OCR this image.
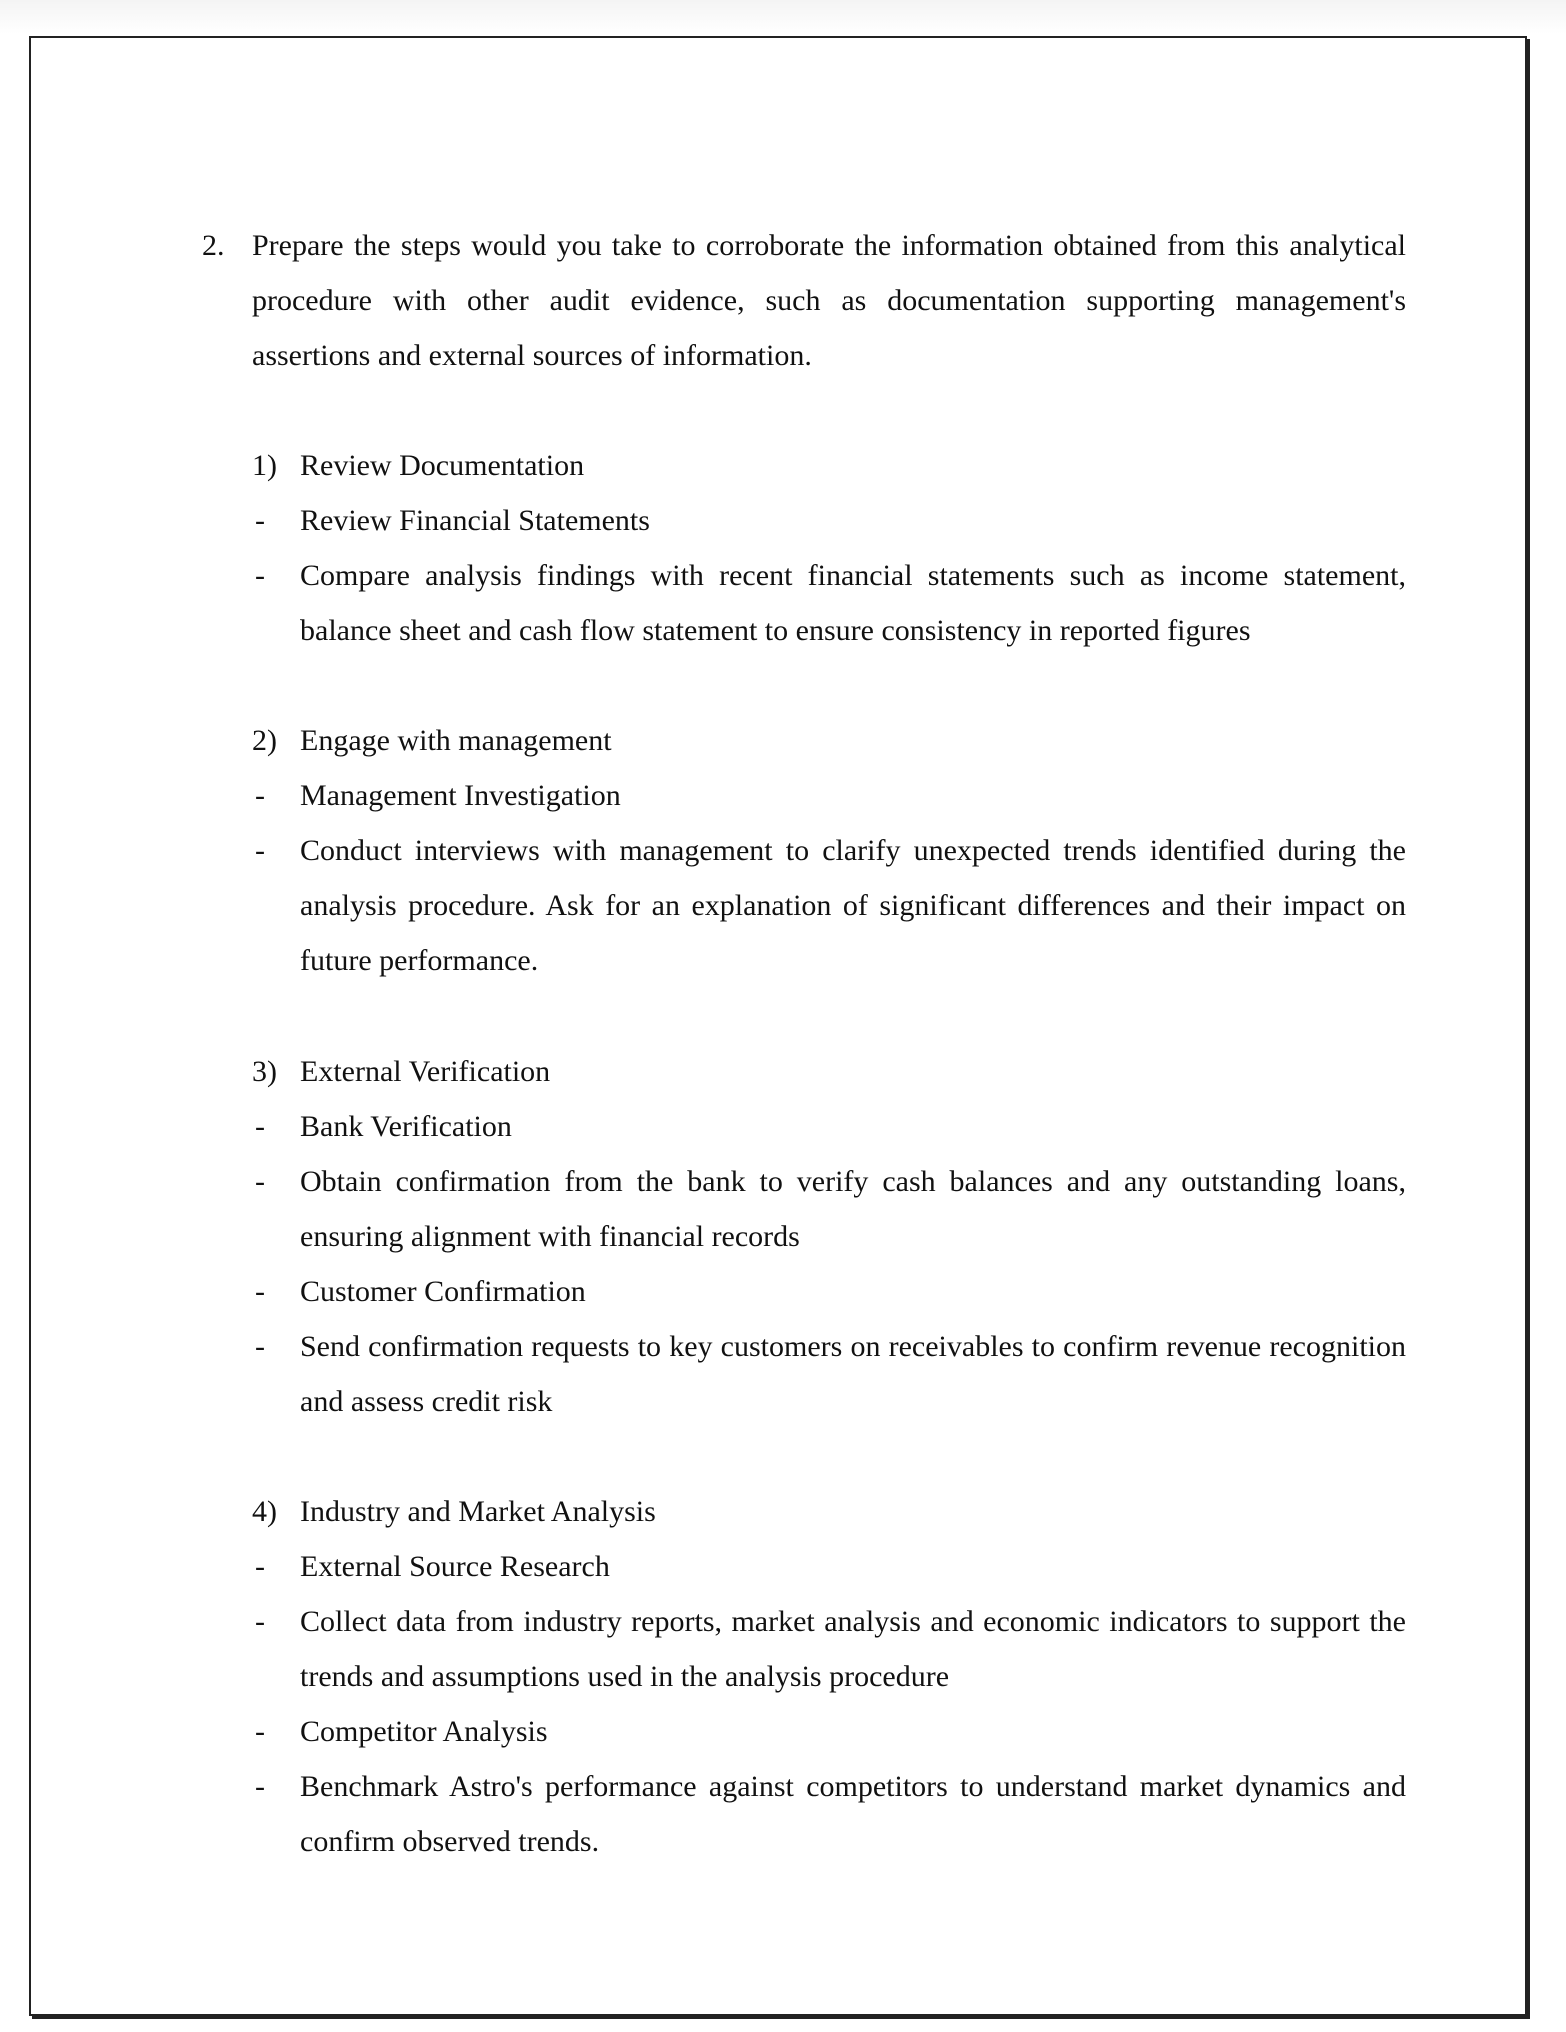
2. Prepare the steps would you take to corroborate the information obtained from this analytical procedure with other audit evidence, such as documentation supporting management's assertions and external sources of information.
1) Review Documentation
- Review Financial Statements
- Compare analysis findings with recent financial statements such as income statement, balance sheet and cash flow statement to ensure consistency in reported figures
2) Engage with management
- Management Investigation
- Conduct interviews with management to clarify unexpected trends identified during the analysis procedure. Ask for an explanation of significant differences and their impact on future performance.
3) External Verification
- Bank Verification
- Obtain confirmation from the bank to verify cash balances and any outstanding loans, ensuring alignment with financial records
- Customer Confirmation
- Send confirmation requests to key customers on receivables to confirm revenue recognition and assess credit risk
4) Industry and Market Analysis
- External Source Research
- Collect data from industry reports, market analysis and economic indicators to support the trends and assumptions used in the analysis procedure
- Competitor Analysis
- Benchmark Astro's performance against competitors to understand market dynamics and confirm observed trends.
